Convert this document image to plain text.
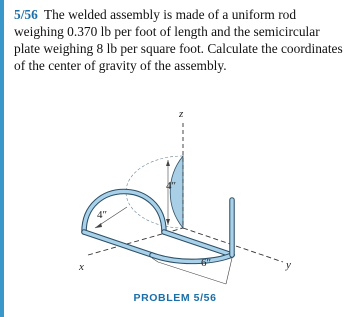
5/56 The welded assembly is made of a uniform rod weighing 0.370 lb per foot of length and the semicircular plate weighing 8 lb per square foot. Calculate the coordinates of the center of gravity of the assembly.
z
x	y
4″
4″
6″
PROBLEM 5/56
